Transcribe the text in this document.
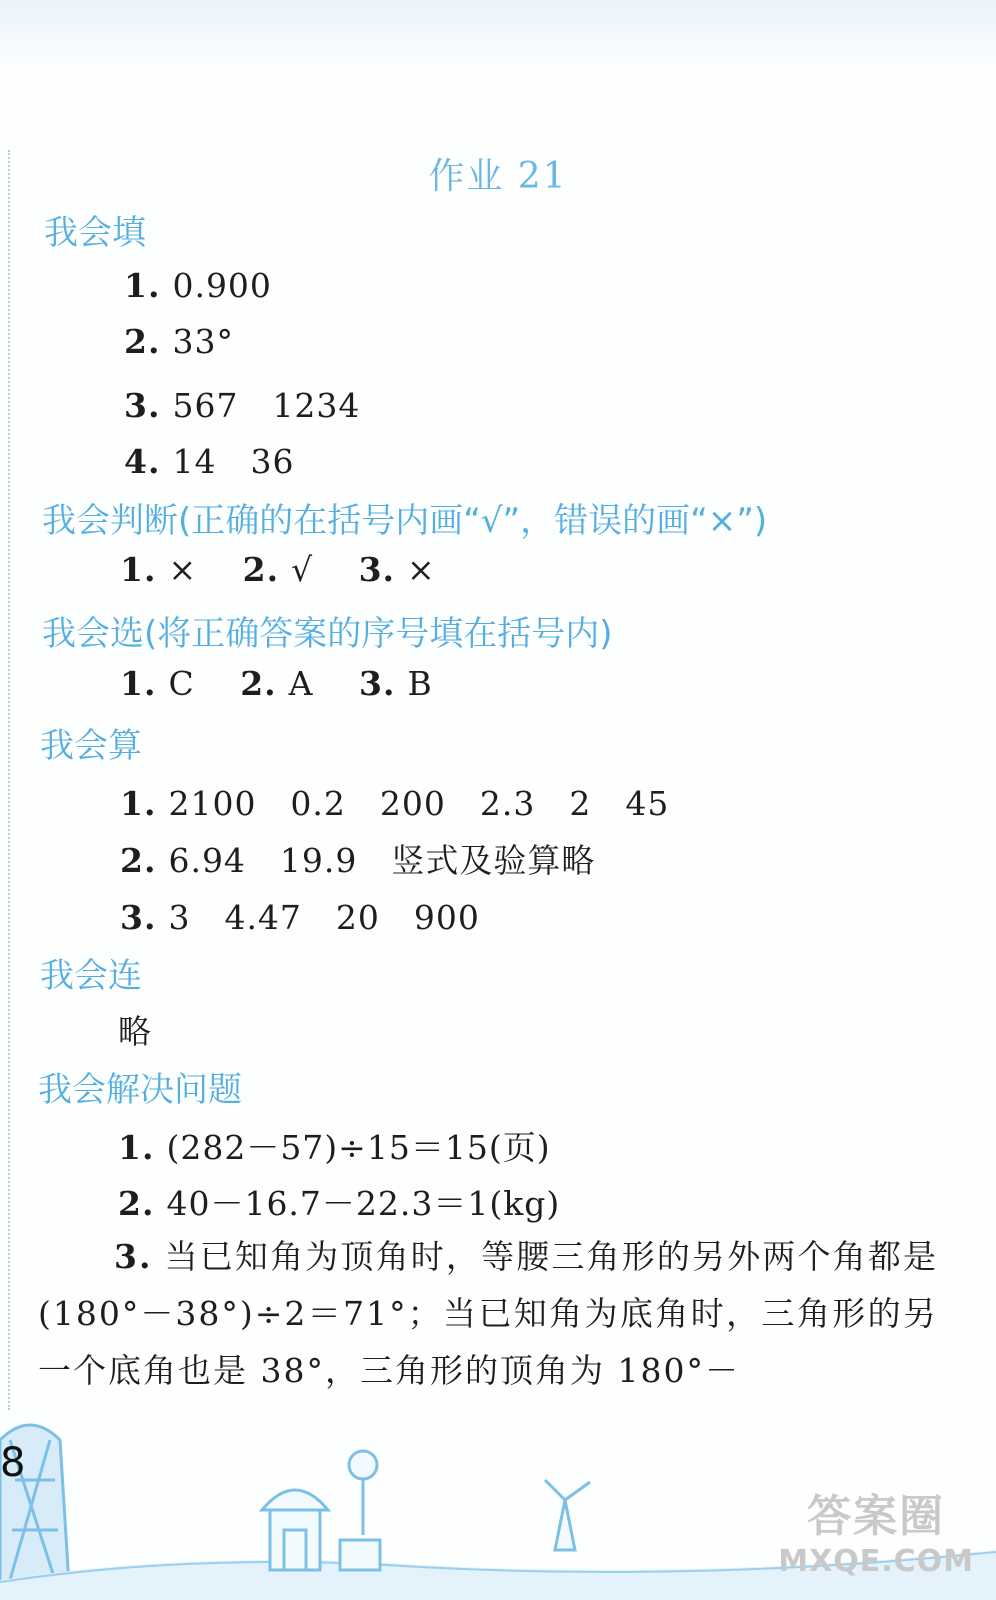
作业 21
我会填
1. 0.900
2. 33°
3. 567　1234
4. 14　36
我会判断(正确的在括号内画“√”，错误的画“×”)
1. × 2. √ 3. ×
我会选(将正确答案的序号填在括号内)
1. C 2. A 3. B
我会算
1. 2100　0.2　200　2.3　2　45
2. 6.94　19.9　竖式及验算略
3. 3　4.47　20　900
我会连
略
我会解决问题
1. (282－57)÷15＝15(页)
2. 40－16.7－22.3＝1(kg)
3. 当已知角为顶角时，等腰三角形的另外两个角都是(180°－38°)÷2＝71°；当已知角为底角时，三角形的另一个底角也是 38°，三角形的顶角为 180°－
8
答案圈
MXQE.COM
